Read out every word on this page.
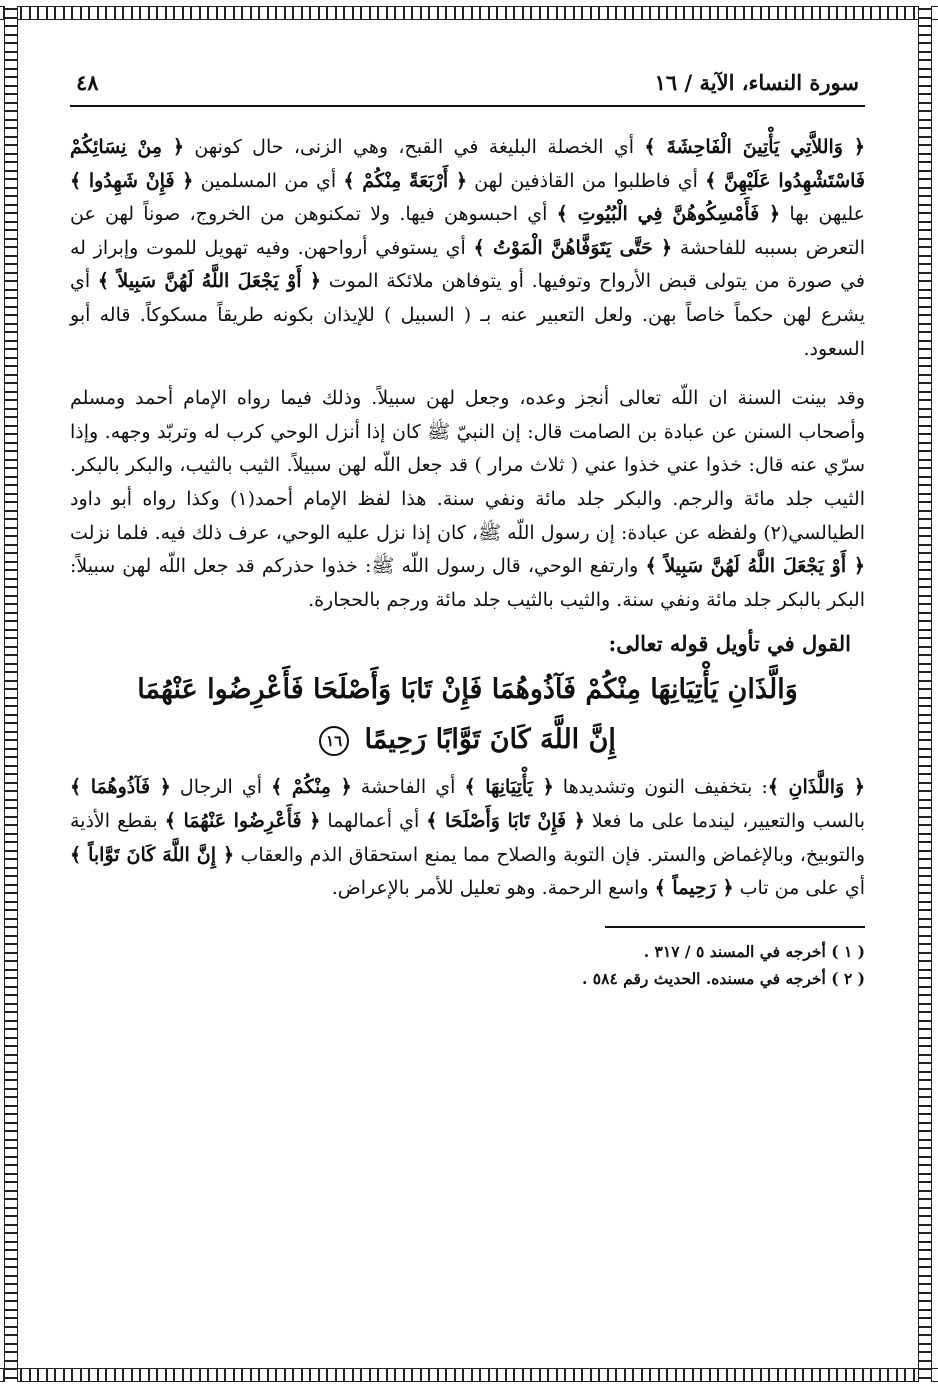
سورة النساء، الآية / ١٦
٤٨

﴿ وَاللاَّتِي يَأْتِينَ الْفَاحِشَةَ ﴾ أي الخصلة البليغة في القبح، وهي الزنى، حال كونهن ﴿ مِنْ نِسَائِكُمْ فَاسْتَشْهِدُوا عَلَيْهِنَّ ﴾ أي فاطلبوا من القاذفين لهن ﴿ أَرْبَعَةً مِنْكُمْ ﴾ أي من المسلمين ﴿ فَإِنْ شَهِدُوا ﴾ عليهن بها ﴿ فَأَمْسِكُوهُنَّ فِي الْبُيُوتِ ﴾ أي احبسوهن فيها. ولا تمكنوهن من الخروج، صوناً لهن عن التعرض بسببه للفاحشة ﴿ حَتَّى يَتَوَفَّاهُنَّ الْمَوْتُ ﴾ أي يستوفي أرواحهن. وفيه تهويل للموت وإبراز له في صورة من يتولى قبض الأرواح وتوفيها. أو يتوفاهن ملائكة الموت ﴿ أَوْ يَجْعَلَ اللَّهُ لَهُنَّ سَبِيلاً ﴾ أي يشرع لهن حكماً خاصاً بهن. ولعل التعبير عنه بـ ( السبيل ) للإيذان بكونه طريقاً مسكوكاً. قاله أبو السعود.

وقد بينت السنة ان اللّه تعالى أنجز وعده، وجعل لهن سبيلاً. وذلك فيما رواه الإمام أحمد ومسلم وأصحاب السنن عن عبادة بن الصامت قال: إن النبيّ ﷺ كان إذا أنزل الوحي كرب له وتربّد وجهه. وإذا سرّي عنه قال: خذوا عني خذوا عني ( ثلاث مرار ) قد جعل اللّه لهن سبيلاً. الثيب بالثيب، والبكر بالبكر. الثيب جلد مائة والرجم. والبكر جلد مائة ونفي سنة. هذا لفظ الإمام أحمد(١) وكذا رواه أبو داود الطيالسي(٢) ولفظه عن عبادة: إن رسول اللّه ﷺ، كان إذا نزل عليه الوحي، عرف ذلك فيه. فلما نزلت ﴿ أَوْ يَجْعَلَ اللَّهُ لَهُنَّ سَبِيلاً ﴾ وارتفع الوحي، قال رسول اللّه ﷺ: خذوا حذركم قد جعل اللّه لهن سبيلاً: البكر بالبكر جلد مائة ونفي سنة. والثيب بالثيب جلد مائة ورجم بالحجارة.

القول في تأويل قوله تعالى:

وَالَّذَانِ يَأْتِيَانِهَا مِنْكُمْ فَآذُوهُمَا فَإِنْ تَابَا وَأَصْلَحَا فَأَعْرِضُوا عَنْهُمَا
إِنَّ اللَّهَ كَانَ تَوَّابًا رَحِيمًا ١٦

﴿ وَاللَّذَانِ ﴾: بتخفيف النون وتشديدها ﴿ يَأْتِيَانِهَا ﴾ أي الفاحشة ﴿ مِنْكُمْ ﴾ أي الرجال ﴿ فَآذُوهُمَا ﴾ بالسب والتعيير، ليندما على ما فعلا ﴿ فَإِنْ تَابَا وَأَصْلَحَا ﴾ أي أعمالهما ﴿ فَأَعْرِضُوا عَنْهُمَا ﴾ بقطع الأذية والتوبيخ، وبالإغماض والستر. فإن التوبة والصلاح مما يمنع استحقاق الذم والعقاب ﴿ إِنَّ اللَّهَ كَانَ تَوَّاباً ﴾ أي على من تاب ﴿ رَحِيماً ﴾ واسع الرحمة. وهو تعليل للأمر بالإعراض.

( ١ ) أخرجه في المسند ٥ / ٣١٧ .

( ٢ ) أخرجه في مسنده. الحديث رقم ٥٨٤ .
